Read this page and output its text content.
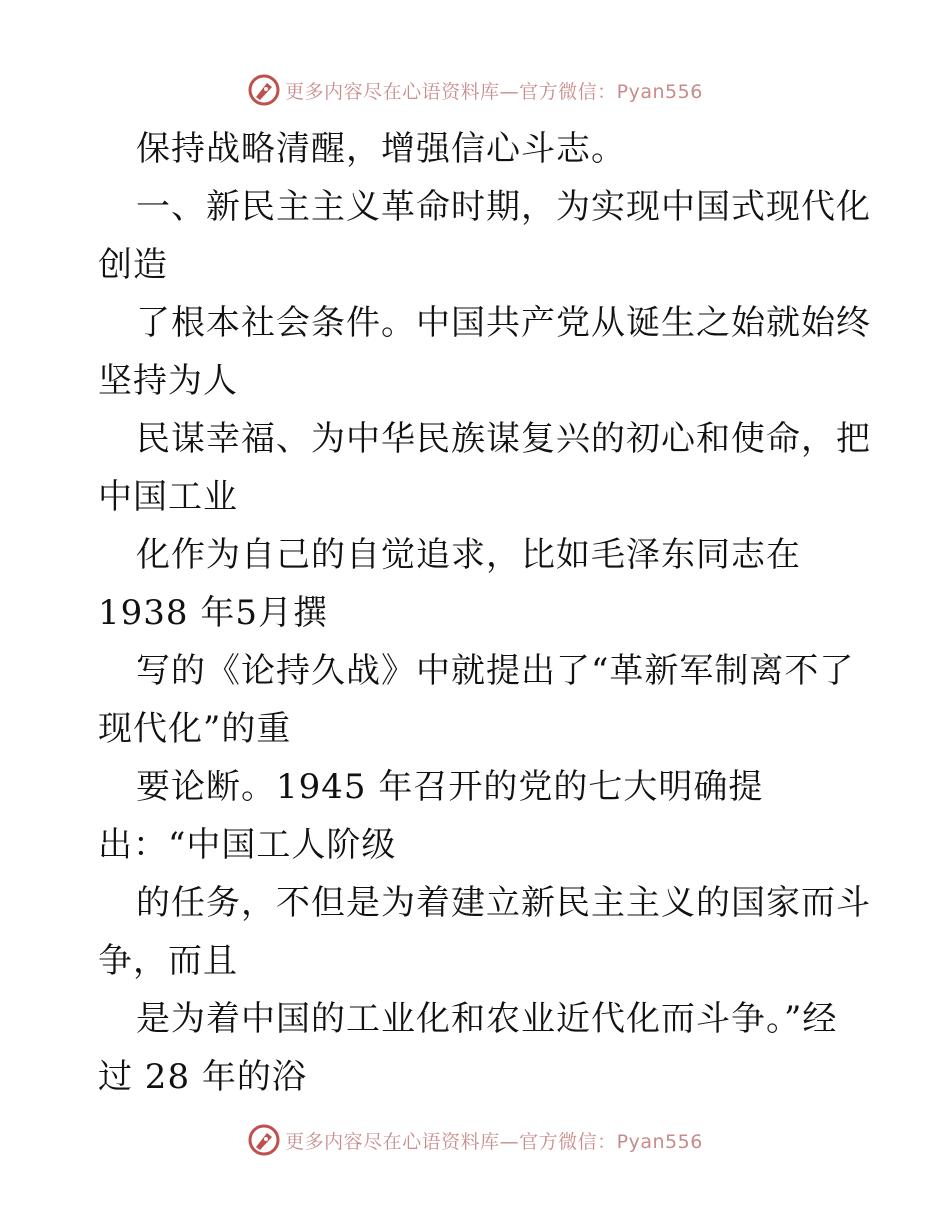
更多内容尽在心语资料库—官方微信：Pyan556
保持战略清醒，增强信心斗志。
一、新民主主义革命时期，为实现中国式现代化
创造
了根本社会条件。中国共产党从诞生之始就始终
坚持为人
民谋幸福、为中华民族谋复兴的初心和使命，把
中国工业
化作为自己的自觉追求，比如毛泽东同志在
1938 年5月撰
写的《论持久战》中就提出了“革新军制离不了
现代化”的重
要论断。1945 年召开的党的七大明确提
出：“中国工人阶级
的任务，不但是为着建立新民主主义的国家而斗
争，而且
是为着中国的工业化和农业近代化而斗争。”经
过 28 年的浴
更多内容尽在心语资料库—官方微信：Pyan556
